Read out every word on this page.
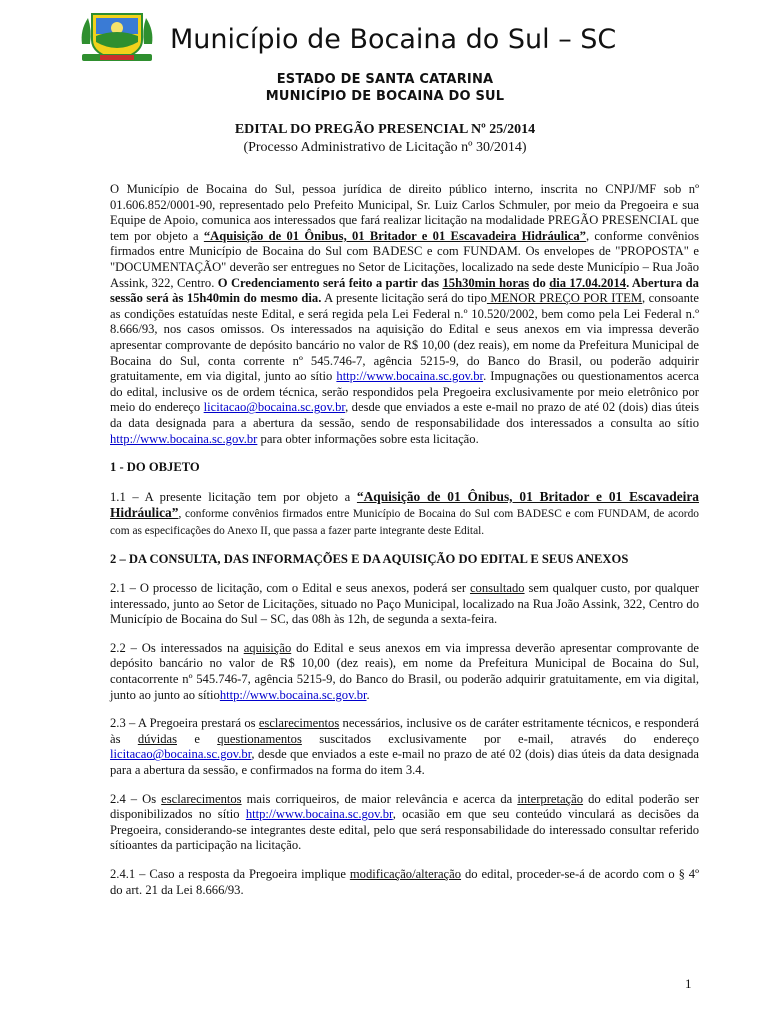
Município de Bocaina do Sul – SC
ESTADO DE SANTA CATARINA
MUNICÍPIO DE BOCAINA DO SUL
EDITAL DO PREGÃO PRESENCIAL Nº 25/2014
(Processo Administrativo de Licitação nº 30/2014)

O Município de Bocaina do Sul, pessoa jurídica de direito público interno, inscrita no CNPJ/MF sob nº 01.606.852/0001-90, representado pelo Prefeito Municipal, Sr. Luiz Carlos Schmuler, por meio da Pregoeira e sua Equipe de Apoio, comunica aos interessados que fará realizar licitação na modalidade PREGÃO PRESENCIAL que tem por objeto a “Aquisição de 01 Ônibus, 01 Britador e 01 Escavadeira Hidráulica”, conforme convênios firmados entre Município de Bocaina do Sul com BADESC e com FUNDAM. Os envelopes de "PROPOSTA" e "DOCUMENTAÇÃO" deverão ser entregues no Setor de Licitações, localizado na sede deste Município – Rua João Assink, 322, Centro. O Credenciamento será feito a partir das 15h30min horas do dia 17.04.2014. Abertura da sessão será às 15h40min do mesmo dia. A presente licitação será do tipo MENOR PREÇO POR ITEM, consoante as condições estatuídas neste Edital, e será regida pela Lei Federal n.º 10.520/2002, bem como pela Lei Federal n.º 8.666/93, nos casos omissos. Os interessados na aquisição do Edital e seus anexos em via impressa deverão apresentar comprovante de depósito bancário no valor de R$ 10,00 (dez reais), em nome da Prefeitura Municipal de Bocaina do Sul, conta corrente nº 545.746-7, agência 5215-9, do Banco do Brasil, ou poderão adquirir gratuitamente, em via digital, junto ao sítio http://www.bocaina.sc.gov.br. Impugnações ou questionamentos acerca do edital, inclusive os de ordem técnica, serão respondidos pela Pregoeira exclusivamente por meio eletrônico por meio do endereço licitacao@bocaina.sc.gov.br, desde que enviados a este e-mail no prazo de até 02 (dois) dias úteis da data designada para a abertura da sessão, sendo de responsabilidade dos interessados a consulta ao sítio http://www.bocaina.sc.gov.br para obter informações sobre esta licitação.

1 - DO OBJETO

1.1 – A presente licitação tem por objeto a “Aquisição de 01 Ônibus, 01 Britador e 01 Escavadeira Hidráulica”, conforme convênios firmados entre Município de Bocaina do Sul com BADESC e com FUNDAM, de acordo com as especificações do Anexo II, que passa a fazer parte integrante deste Edital.

2 – DA CONSULTA, DAS INFORMAÇÕES E DA AQUISIÇÃO DO EDITAL E SEUS ANEXOS

2.1 – O processo de licitação, com o Edital e seus anexos, poderá ser consultado sem qualquer custo, por qualquer interessado, junto ao Setor de Licitações, situado no Paço Municipal, localizado na Rua João Assink, 322, Centro do Município de Bocaina do Sul – SC, das 08h às 12h, de segunda a sexta-feira.

2.2 – Os interessados na aquisição do Edital e seus anexos em via impressa deverão apresentar comprovante de depósito bancário no valor de R$ 10,00 (dez reais), em nome da Prefeitura Municipal de Bocaina do Sul, contacorrente nº 545.746-7, agência 5215-9, do Banco do Brasil, ou poderão adquirir gratuitamente, em via digital, junto ao junto ao sítiohttp://www.bocaina.sc.gov.br.

2.3 – A Pregoeira prestará os esclarecimentos necessários, inclusive os de caráter estritamente técnicos, e responderá às dúvidas e questionamentos suscitados exclusivamente por e-mail, através do endereço licitacao@bocaina.sc.gov.br, desde que enviados a este e-mail no prazo de até 02 (dois) dias úteis da data designada para a abertura da sessão, e confirmados na forma do item 3.4.

2.4 – Os esclarecimentos mais corriqueiros, de maior relevância e acerca da interpretação do edital poderão ser disponibilizados no sítio http://www.bocaina.sc.gov.br, ocasião em que seu conteúdo vinculará as decisões da Pregoeira, considerando-se integrantes deste edital, pelo que será responsabilidade do interessado consultar referido sítioantes da participação na licitação.

2.4.1 – Caso a resposta da Pregoeira implique modificação/alteração do edital, proceder-se-á de acordo com o § 4º do art. 21 da Lei 8.666/93.

1
